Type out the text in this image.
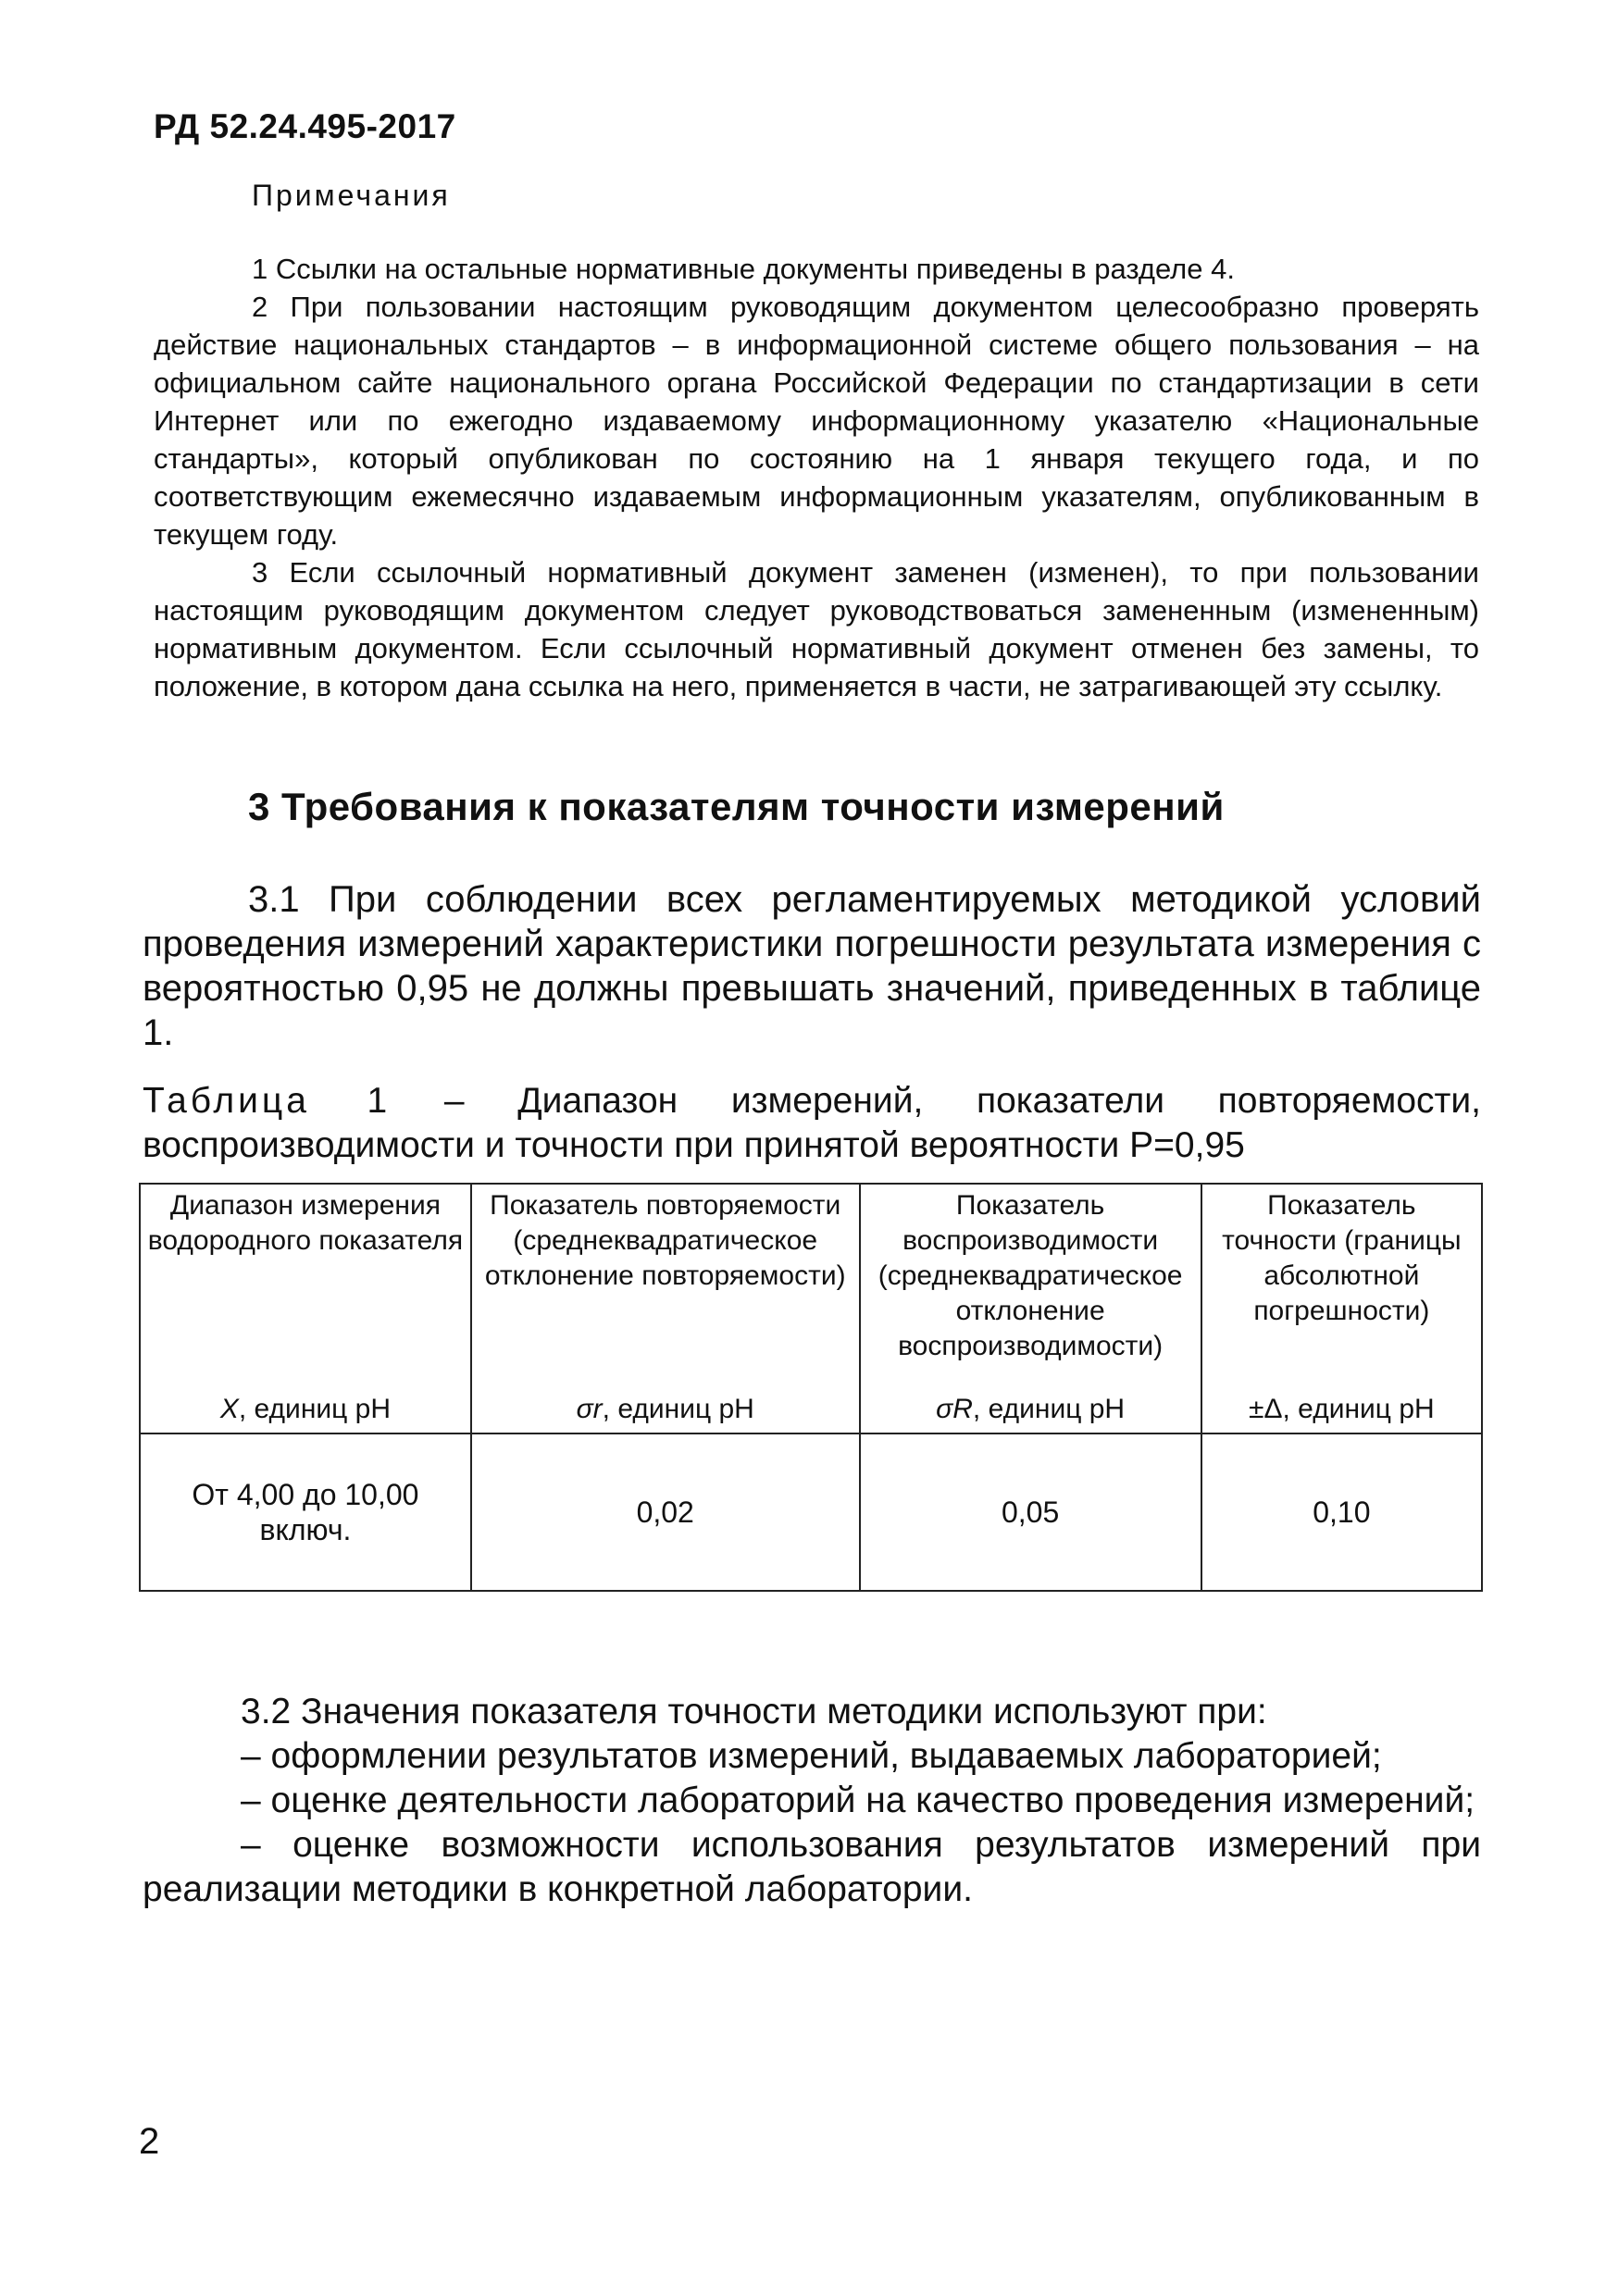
РД 52.24.495-2017
Примечания

1 Ссылки на остальные нормативные документы приведены в разделе 4.

2 При пользовании настоящим руководящим документом целесообразно проверять действие национальных стандартов – в информационной системе общего пользования – на официальном сайте национального органа Российской Федерации по стандартизации в сети Интернет или по ежегодно издаваемому информационному указателю «Национальные стандарты», который опубликован по состоянию на 1 января текущего года, и по соответствующим ежемесячно издаваемым информационным указателям, опубликованным в текущем году.

3 Если ссылочный нормативный документ заменен (изменен), то при пользовании настоящим руководящим документом следует руководствоваться замененным (измененным) нормативным документом. Если ссылочный нормативный документ отменен без замены, то положение, в котором дана ссылка на него, применяется в части, не затрагивающей эту ссылку.

3 Требования к показателям точности измерений

3.1 При соблюдении всех регламентируемых методикой условий проведения измерений характеристики погрешности результата измерения с вероятностью 0,95 не должны превышать значений, приведенных в таблице 1.

Таблица 1 – Диапазон измерений, показатели повторяемости, воспроизводимости и точности при принятой вероятности Р=0,95

Диапазон измерения водородного показателя	Показатель повторяемости (среднеквадратическое отклонение повторяемости)	Показатель воспроизводимости (среднеквадратическое отклонение воспроизводимости)	Показатель точности (границы абсолютной погрешности)
X, единиц pH	σr, единиц pH	σR, единиц pH	±Δ, единиц pH
От 4,00 до 10,00 включ.	0,02	0,05	0,10

3.2 Значения показателя точности методики используют при:

– оформлении результатов измерений, выдаваемых лабораторией;

– оценке деятельности лабораторий на качество проведения измерений;

– оценке возможности использования результатов измерений при реализации методики в конкретной лаборатории.

2
